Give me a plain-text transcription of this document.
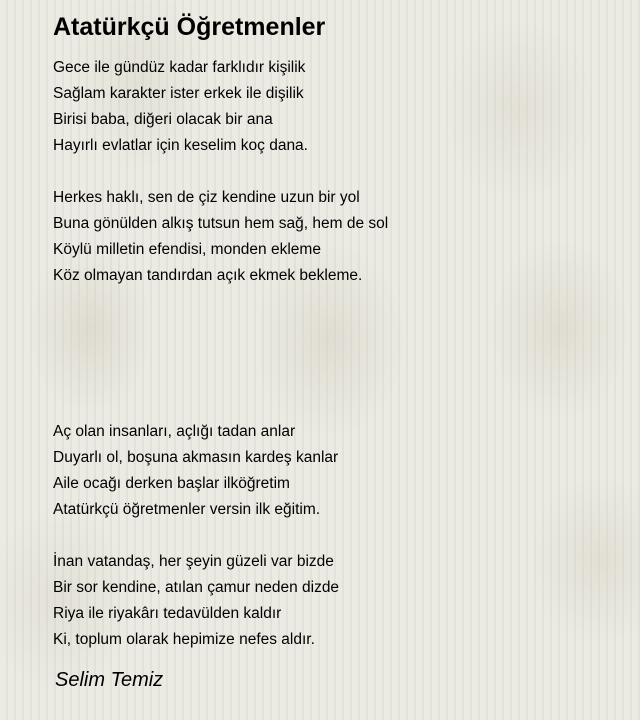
Atatürkçü Öğretmenler
Gece ile gündüz kadar farklıdır kişilik
Sağlam karakter ister erkek ile dişilik
Birisi baba, diğeri olacak bir ana
Hayırlı evlatlar için keselim koç dana.
Herkes haklı, sen de çiz kendine uzun bir yol
Buna gönülden alkış tutsun hem sağ, hem de sol
Köylü milletin efendisi, monden ekleme
Köz olmayan tandırdan açık ekmek bekleme.
Aç olan insanları, açlığı tadan anlar
Duyarlı ol, boşuna akmasın kardeş kanlar
Aile ocağı derken başlar ilköğretim
Atatürkçü öğretmenler versin ilk eğitim.
İnan vatandaş, her şeyin güzeli var bizde
Bir sor kendine, atılan çamur neden dizde
Riya ile riyakârı tedavülden kaldır
Ki, toplum olarak hepimize nefes aldır.
Selim Temiz
